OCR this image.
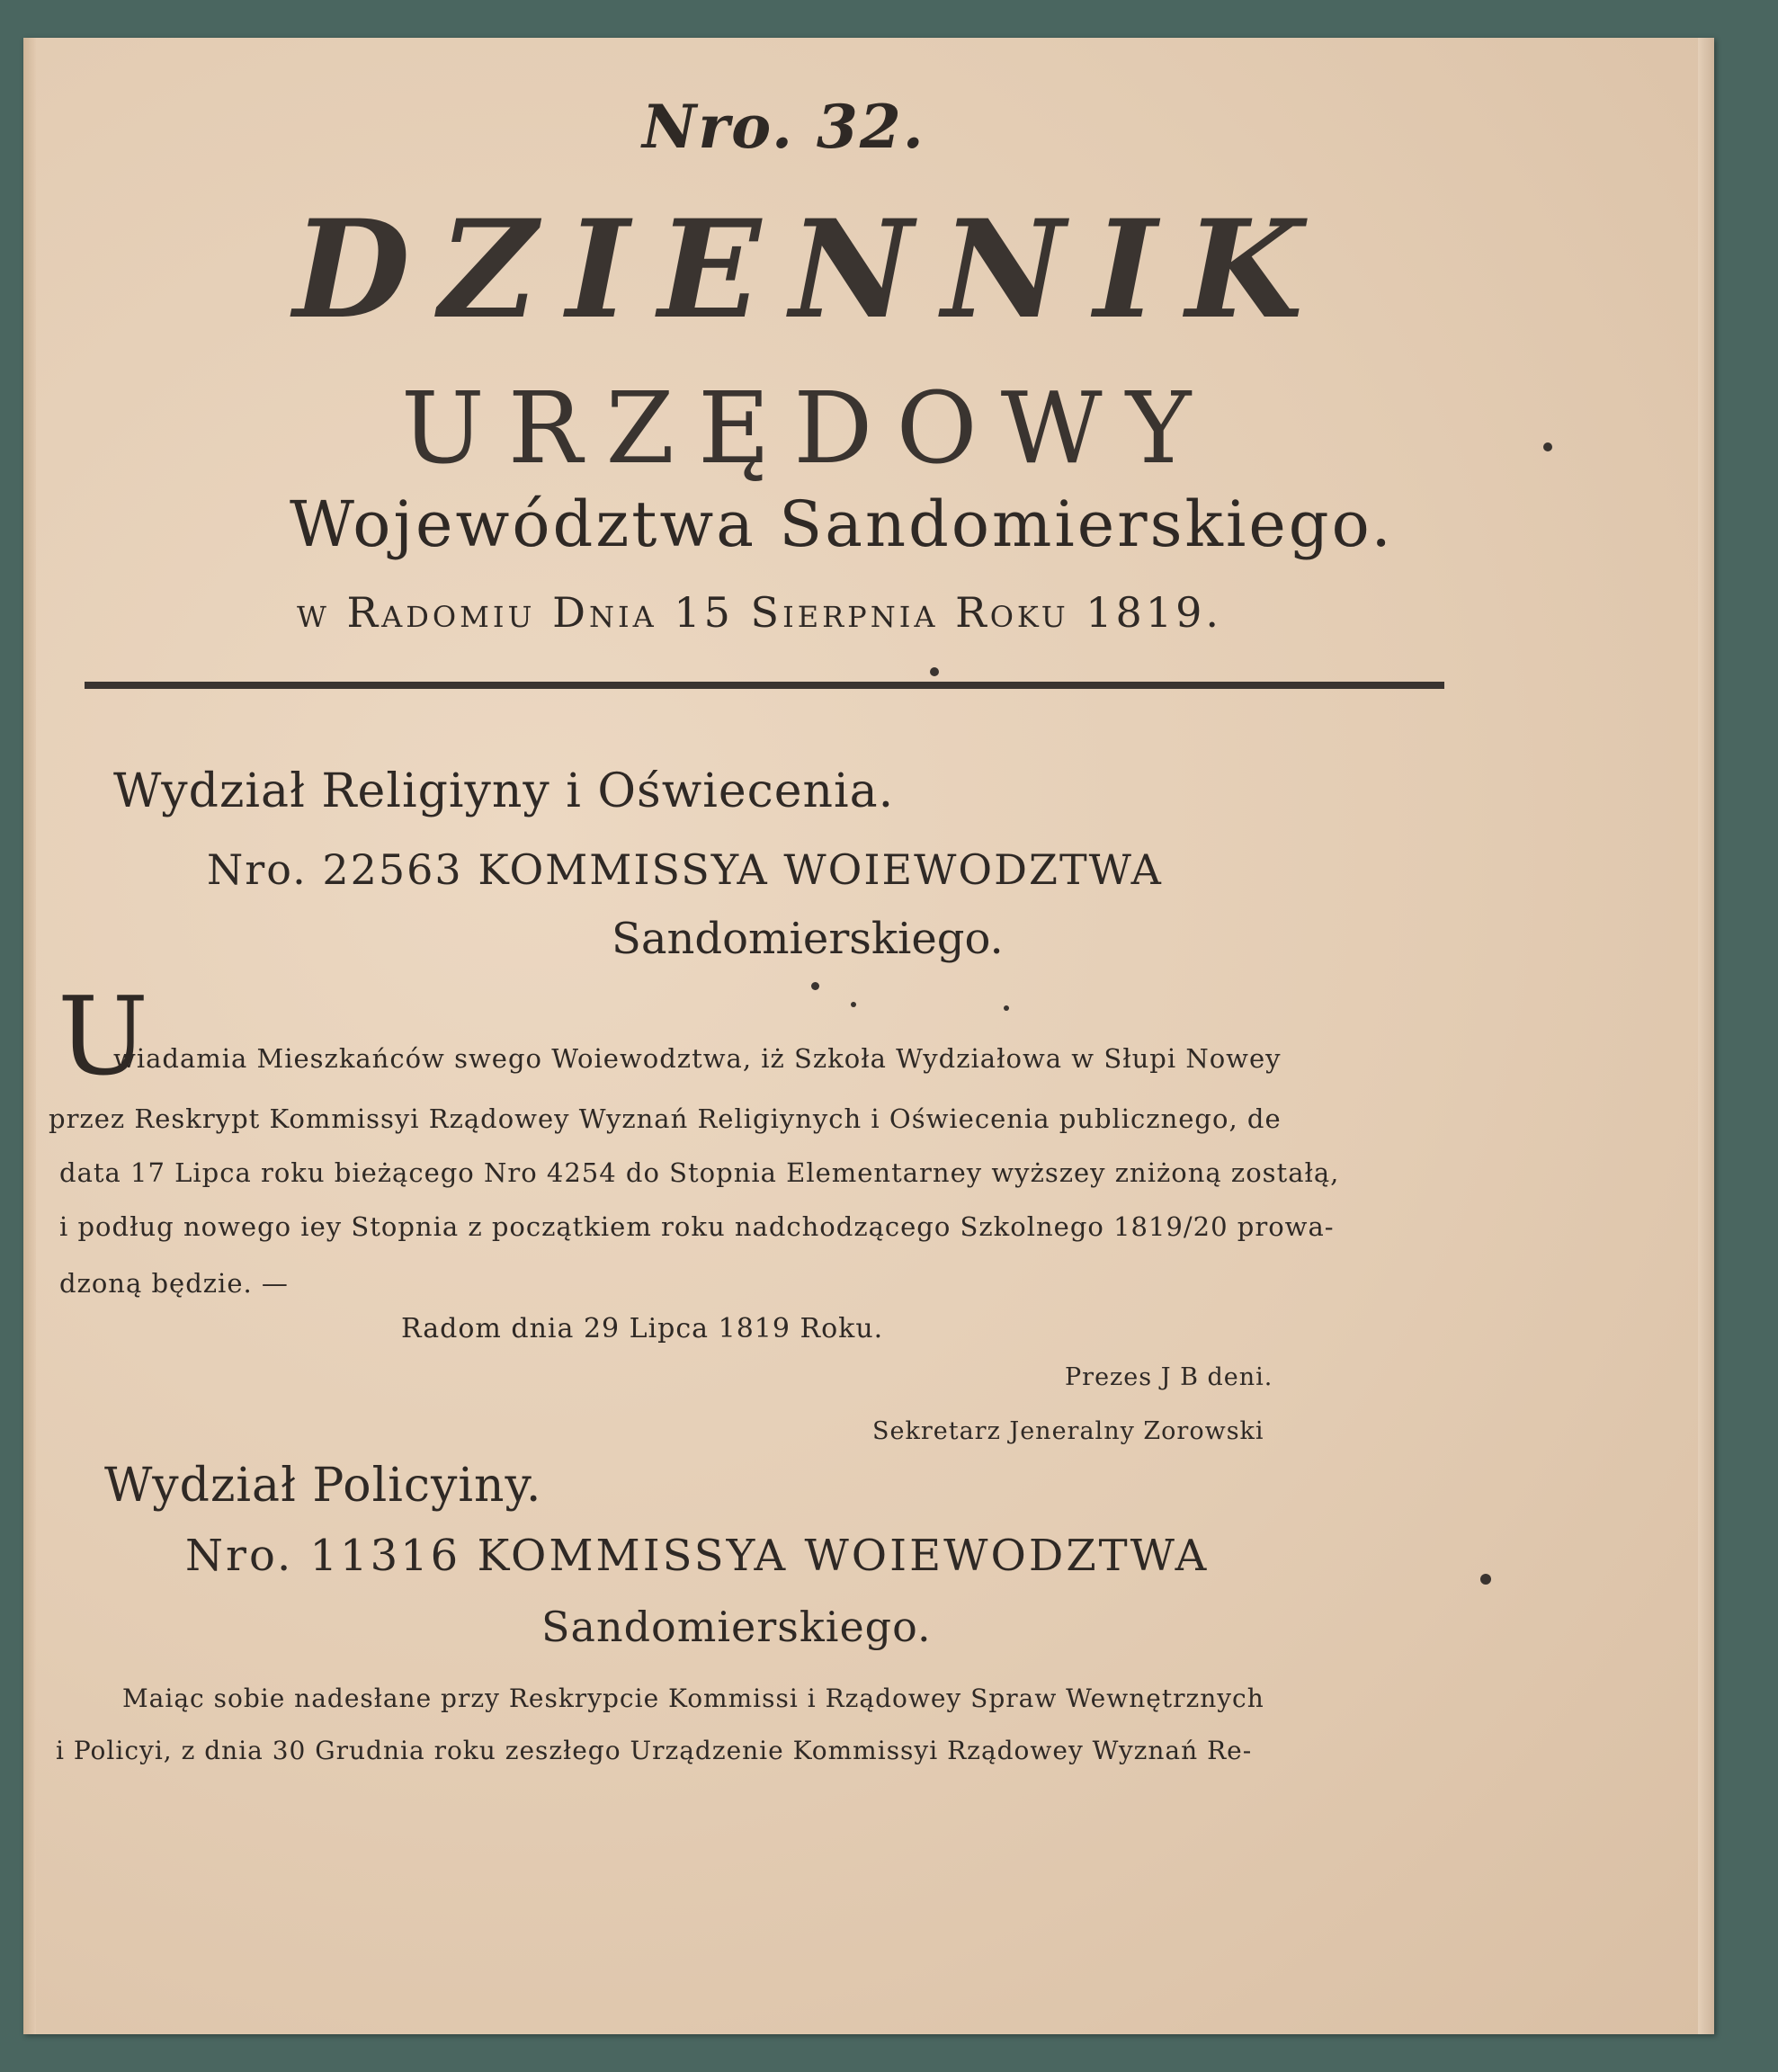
Nro. 32.
DZIENNIK
URZĘDOWY
Województwa Sandomierskiego.
w Radomiu Dnia 15 Sierpnia Roku 1819.
Wydział Religiyny i Oświecenia.
Nro. 22563 KOMMISSYA WOIEWODZTWA
Sandomierskiego.
U
wiadamia Mieszkańców swego Woiewodztwa, iż Szkoła Wydziałowa w Słupi Nowey
przez Reskrypt Kommissyi Rządowey Wyznań Religiynych i Oświecenia publicznego, de
data 17 Lipca roku bieżącego Nro 4254 do Stopnia Elementarney wyższey zniżoną zostałą,
i podług nowego iey Stopnia z początkiem roku nadchodzącego Szkolnego 1819/20 prowa-
dzoną będzie. —
Radom dnia 29 Lipca 1819 Roku.
Prezes J B deni.
Sekretarz Jeneralny Zorowski
Wydział Policyiny.
Nro. 11316 KOMMISSYA WOIEWODZTWA
Sandomierskiego.
Maiąc sobie nadesłane przy Reskrypcie Kommissi i Rządowey Spraw Wewnętrznych
i Policyi, z dnia 30 Grudnia roku zeszłego Urządzenie Kommissyi Rządowey Wyznań Re-
